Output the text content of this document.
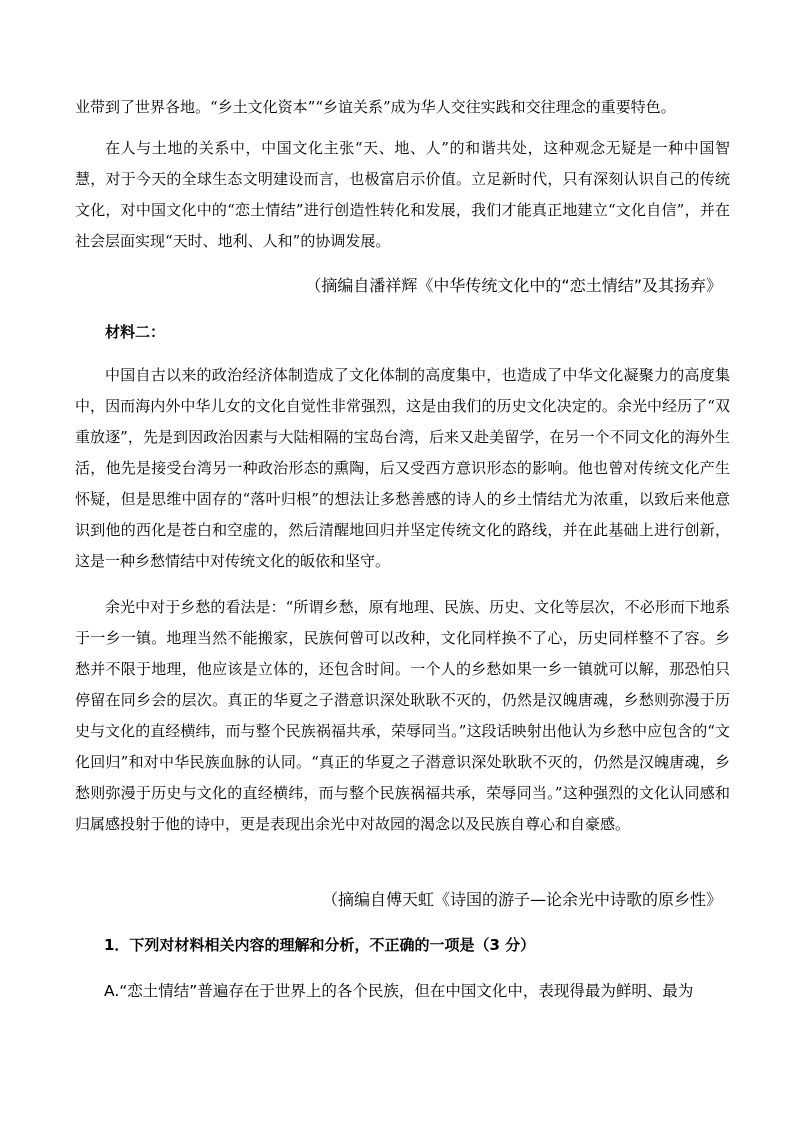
业带到了世界各地。“乡土文化资本”“乡谊关系”成为华人交往实践和交往理念的重要特色。
在人与土地的关系中，中国文化主张“天、地、人”的和谐共处，这种观念无疑是一种中国智慧，对于今天的全球生态文明建设而言，也极富启示价值。立足新时代，只有深刻认识自己的传统文化，对中国文化中的“恋土情结”进行创造性转化和发展，我们才能真正地建立“文化自信”，并在社会层面实现“天时、地利、人和”的协调发展。
（摘编自潘祥辉《中华传统文化中的“恋土情结”及其扬弃》
材料二：
中国自古以来的政治经济体制造成了文化体制的高度集中，也造成了中华文化凝聚力的高度集中，因而海内外中华儿女的文化自觉性非常强烈，这是由我们的历史文化决定的。余光中经历了“双重放逐”，先是到因政治因素与大陆相隔的宝岛台湾，后来又赴美留学，在另一个不同文化的海外生活，他先是接受台湾另一种政治形态的熏陶，后又受西方意识形态的影响。他也曾对传统文化产生怀疑，但是思维中固存的“落叶归根”的想法让多愁善感的诗人的乡土情结尤为浓重，以致后来他意识到他的西化是苍白和空虚的，然后清醒地回归并坚定传统文化的路线，并在此基础上进行创新，这是一种乡愁情结中对传统文化的皈依和坚守。
余光中对于乡愁的看法是：“所谓乡愁，原有地理、民族、历史、文化等层次，不必形而下地系于一乡一镇。地理当然不能搬家，民族何曾可以改种，文化同样换不了心，历史同样整不了容。乡愁并不限于地理，他应该是立体的，还包含时间。一个人的乡愁如果一乡一镇就可以解，那恐怕只停留在同乡会的层次。真正的华夏之子潜意识深处耿耿不灭的，仍然是汉魄唐魂，乡愁则弥漫于历史与文化的直经横纬，而与整个民族祸福共承，荣辱同当。”这段话映射出他认为乡愁中应包含的“文化回归”和对中华民族血脉的认同。“真正的华夏之子潜意识深处耿耿不灭的，仍然是汉魄唐魂，乡愁则弥漫于历史与文化的直经横纬，而与整个民族祸福共承，荣辱同当。”这种强烈的文化认同感和归属感投射于他的诗中，更是表现出余光中对故园的渴念以及民族自尊心和自豪感。
（摘编自傅天虹《诗国的游子—论余光中诗歌的原乡性》
1．下列对材料相关内容的理解和分析，不正确的一项是（3 分）
A.“恋土情结”普遍存在于世界上的各个民族，但在中国文化中，表现得最为鲜明、最为
